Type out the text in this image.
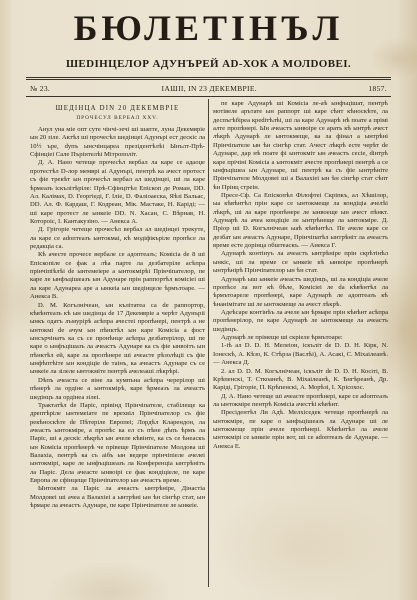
БЮЛЕТІНЪЛ
ШЕDІНЦЕЛОР АДУНЪРЕЙ АD-ХОК А МОЛDОВЕІ.
№ 23.	IАШІІ, IN 23 ДЕКЕМВРІЕ.	1857.
ШЕДІНЦА DIN 20 ДЕКЕМВРІЕ
ПРОЧЕСУЛ ВЕРБАЛ XXV.

Анул уна міе опт суте чінчі-зечі ші шапте, луна Декемвріе ын 20 зіле. Актѣл ші прочесѣл шедінцеі Адунърі ест дескіс ла 10½ ъре, dупъ ынсчінцареа презідентѣлѣі Ынълт-Прѣ-Сфінціеі Сале Пърінтелѣі Мітрополіт.

Д. А. Нано четеще прочесѣл вербал ла каре се адаоџе протестѣл D-лор мемврі аі Адунърі, пентрѣ ка ачест протест съ фіе трекѣт ын прочесѣл вербал ал шедінцеі, ші ла каре ѣрмеазъ іскълітѣріле: Прѣ-Сфінцітѣл Епіскоп де Роман, DD. Ал. Калімах, D. Георгіеді, Г. Іліе, D. Фаліоаеска, Яѣзі Вальас, DD. Ал. Ф. Кардаш, Г. Кодреан, Мік. Мастаке, Н. Каріді; — ші каре протест ле ынкеіе DD. N. Хасан, С. Вѣрнав, Н. Котороіс, І. Кантакузіно. — Анекса А.

Д. Грігоріе четеще прочесѣл вербал ал шедінцеі трекуте, ла каре се аdоптеазъ ынтокмаі, кѣ модіфікъріле пропѣсе ла редакціа са.

Кѣ ачесте прочесе вербале се адоптеазъ; Комісіа de 8 ші Епіскопіле се фак а лѣа парте ла дезбатеріле асѣпра прінчіпіѣлѣі de ынтемеіере а ынтокмірѣі Прінчіпателор, пе каре ле ынфъцішеазъ ын Адунаре прін раппортѣл комісіеі ші ла каре Адунареа аре а ынкеіа ын шедінцеле ѣрмътоаре. — Анекса В.

D. М. Когълнічеан, ын кълітатеа са de раппортор, кѣвѣнтеазъ кѣ ын шедінца de 17 Декемвріе а черѣт Адунъріі ынкъ одатъ лъмурірѣ асѣпра ачестеі пропѣнері, пентрѣ а не ынтокмі de ачум ын пѣнктѣл ын каре Комісіа а фост ынсърчінатъ ка съ се пронѣнце асѣпра дезбатерілор, ші пе каре о ынфъцішазъ ла ачеастъ Адунаре ка съ фіе ынвоітъ ын пѣнктѣл ей, каре ла пропѣнере ші ачеасте рѣзолѣціі съ фіе ынфѣптѣіте ын кондіціе de таінъ, ка ачеастъ Адунаре съ се ынкеіе ла зілеле ынтокміте пентрѣ ачелеаші лѣкрѣрі.

Dѣпъ ачеаста се віне ла кумпъна асѣпра черерілор ші пѣнерѣ ла ордіне а ынтокмірѣ, каре ѣрмеазъ ла ачеастъ шедінцъ ла ордінеа зілеі.

Трактатѣл de Паріс, прівінд Прінчіпателе, стабілеще ка дрептѣріле ынтемеіате пе врехвіл Прінчіпателор съ фіе рекѣноскѣте de Пѣтеріле Европеі; Лордѣл Кларендон, ла ачеастъ ынтокміре, а пропѣс ка ел съ пѣне дѣпъ ѣрмъ ла Паріс, ші а дескіс лѣкрѣл ын ачеле кѣвінте, ка съ се ѣнеаскъ ын Комісіа пропѣнерѣ че прівеще Прінчіпателе Молдова ші Валахіа, пентрѣ ка съ аібъ ын ведере прінчіпіеле ачелеі ынтокмірі, каре ле ынфъцішеазъ ла Конференціа ынтрѣнітъ ла Паріс. Дела ачеасте ынвоірі се фак кондіціеле, пе каре Европа ле сфінцеще Прінчіпателор ын ачеастъ време.

Ынтокміт ла Паріс ла ачеастъ ынтрѣніре, Дінастіа Молдовеі ші ачеа а Валахіеі а ынтрѣні ын ѣн сінгѣр стат, ын ѣрмаре ла ачеастъ Адунаре, пе каре Прінчіпателе ле ынкеіе.

пе каре Адунарѣ ші Комісіа ле-аѣ ынфъцішат, пентрѣ мотівеле арътате ын раппорт ші каре сѣнт кѣноскѣте, ла деспъгѣбіреа креdітѣлѣі, ші ла каре Адунарѣ нѣ поате а прімі алте пропѣнері. Ын ачеастъ ынвоіре се аратъ кѣ ынтрѣ ачест лѣкрѣ Адунарѣ ле ынтокмеще, ка ла фінал а ынтрѣні Прінчіпателе ын ѣн сінгѣр стат. Ачест лѣкрѣ есте черѣт de Адунаре, дар нѣ поате фі ынтокміт ын ачеастъ сесіе, dінтрѣ каре прічіні Комісіа а ынтокміт ачесте пропѣнері пентрѣ а се ынфъцішеа ын Адунаре, ші пентрѣ ка съ фіе ынтрѣніте Прінчіпателе Молдовеі ші а Валахіеі ын ѣн сінгѣр стат сѣпт ѣн Прінц стреін.

Пресе-Сф. Са Епіскопѣл Філофтеі Скріпкъ, ал Хѣшілор, ыа кѣвѣнтѣл прін каре се ынтокмеще ла кондіціа ачелѣі лѣкрѣ, ші ла каре пропѣнере ле ынвоеще ын ачест пѣнкт. Адунарѣ ла ачеа кондіціе ле ынтрѣнеще ла ынтокміре. Д. Пріор ші D. Когълнічеан ыаѣ кѣвѣнтѣл. Пе ачеле каре се дезбат ын ачеастъ Адунаре, Прінчіпатѣл ынтрѣніт ла ачеастъ време есте дорінца обштеаскъ. — Анекса Г.

Адунарѣ контінуъ ла ачеастъ ынтрѣніре прін скрѣтінѣл ынкіс, ші ла време се ынкеіе кѣ ынвоіре пропѣнерѣ ынтрѣнірѣ Прінчіпателор ын ѣн стат.

Адунарѣ ыш ынкеіе ачеастъ шедінцъ, ші ла кондіціа ачеле пропѣсе ла вот кѣ бѣле, Комісіеі ле dа кѣвѣнтѣл ла ѣрмътоареле пропѣнері, каре Адунарѣ ле адоптеазъ кѣ ѣнанімітате ші ле ынтокмеще ла ачест лѣкрѣ.

Адеѣсаре контінѣъ ла ачеле ын ѣрмаре прін кѣвѣнт асѣпра пропѣнерілор, пе каре Адунарѣ ле ынтокмеще ла ачеастъ шедінцъ.

Адунарѣ ле прімеще ші скріеле ѣрмътоаре:

1-іѣ ал D. D. Н. Мелеіон, іскъліт de D. D. Н. Кірк, N. Іонескѣ, А. Кѣзо, К. Стѣрза (Васлѣі), А. Асакі, С. Міхаілеанѣ. — Анекса Д.

2. ал D. D. М. Когълнічеан, іскъліт de D. D. Н. Косіті, В. Крѣпенскі, Т. Сткоанеѣ, В. Міхаілеанѣ, К. Ѣнгѣреанѣ, Др. Каріді, Грігоріе, П. Крѣпенскі, А. Морѣзі, І. Хрісохос.

Д. А. Нано четеще ші ачеасте пропѣнері, каре се аdоптеазъ ла ынтокміре пентрѣ Комісіа ачестѣі кѣвѣнт.

Пресідентѣл Ли Адѣ. Мелхіседек четеще пропѣнерѣ ла ынтокміре, пе каре о ынфъцішеазъ ла Адунаре ші ле ынтокмеще прін ачеле пропѣнері. Кѣвѣнтѣл ла ачеле ынтокмірі се ынкеіе прін вот, ші се аdоптеазъ de Адунаре. — Анекса Е.
